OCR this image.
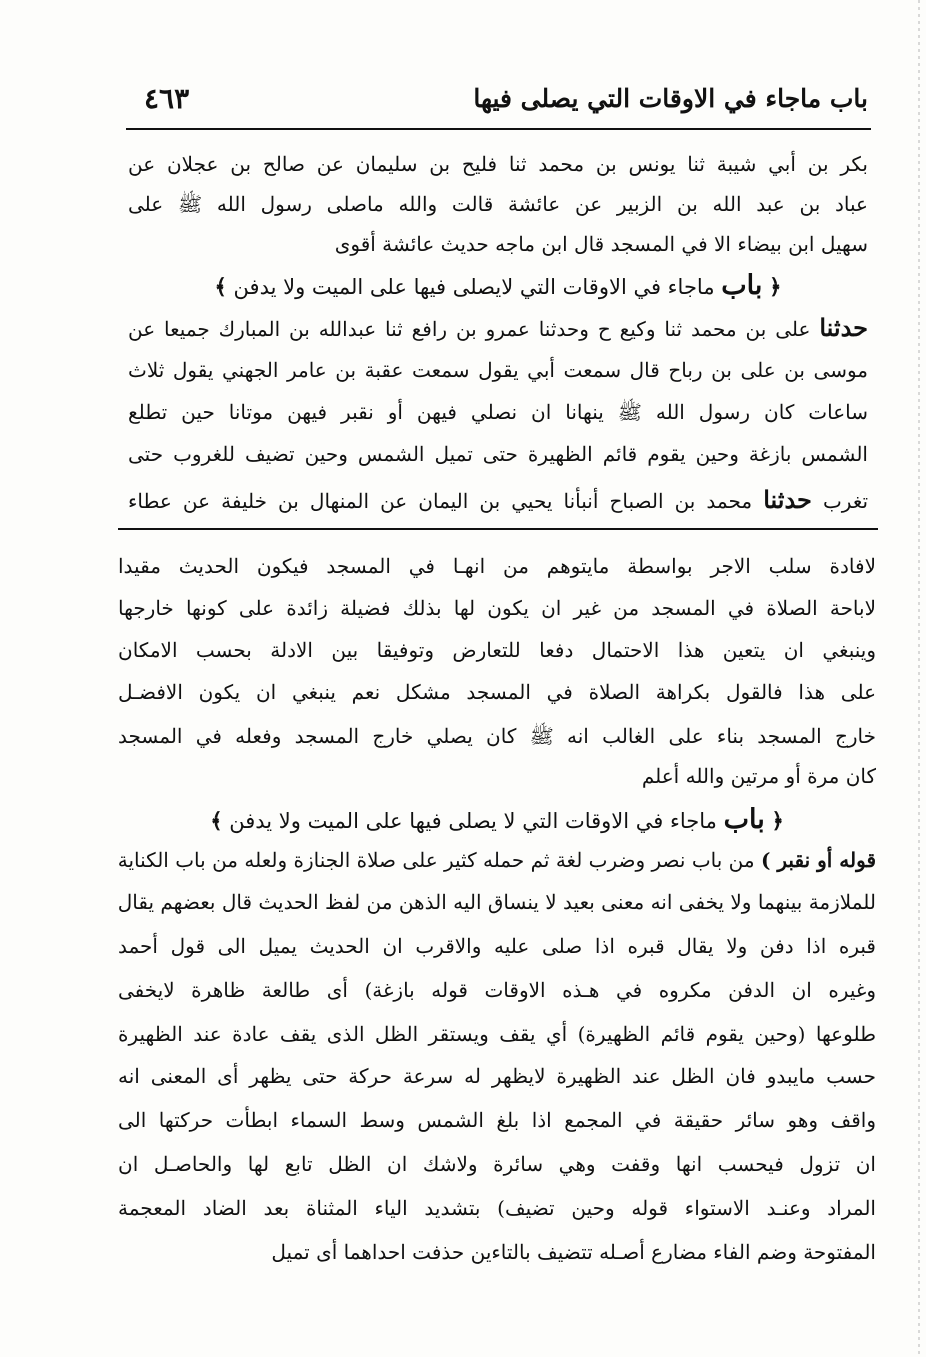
باب ماجاء في الاوقات التي يصلى فيها
٤٦٣
بكر بن أبي شيبة ثنا يونس بن محمد ثنا فليح بن سليمان عن صالح بن عجلان عن
عباد بن عبد الله بن الزبير عن عائشة قالت والله ماصلى رسول الله ﷺ على
سهيل ابن بيضاء الا في المسجد قال ابن ماجه حديث عائشة أقوى
﴿ باب ماجاء في الاوقات التي لايصلى فيها على الميت ولا يدفن ﴾
حدثنا على بن محمد ثنا وكيع ح وحدثنا عمرو بن رافع ثنا عبدالله بن المبارك جميعا عن
موسى بن على بن رباح قال سمعت أبي يقول سمعت عقبة بن عامر الجهني يقول ثلاث
ساعات كان رسول الله ﷺ ينهانا ان نصلي فيهن أو نقبر فيهن موتانا حين تطلع
الشمس بازغة وحين يقوم قائم الظهيرة حتى تميل الشمس وحين تضيف للغروب حتى
تغرب حدثنا محمد بن الصباح أنبأنا يحيي بن اليمان عن المنهال بن خليفة عن عطاء
لافادة سلب الاجر بواسطة مايتوهم من انهـا في المسجد فيكون الحديث مقيدا
لاباحة الصلاة في المسجد من غير ان يكون لها بذلك فضيلة زائدة على كونها خارجها
وينبغي ان يتعين هذا الاحتمال دفعا للتعارض وتوفيقا بين الادلة بحسب الامكان
على هذا فالقول بكراهة الصلاة في المسجد مشكل نعم ينبغي ان يكون الافضـل
خارج المسجد بناء على الغالب انه ﷺ كان يصلي خارج المسجد وفعله في المسجد
كان مرة أو مرتين والله أعلم
﴿ باب ماجاء في الاوقات التي لا يصلى فيها على الميت ولا يدفن ﴾
قوله أو نقبر ) من باب نصر وضرب لغة ثم حمله كثير على صلاة الجنازة ولعله من باب الكناية
للملازمة بينهما ولا يخفى انه معنى بعيد لا ينساق اليه الذهن من لفظ الحديث قال بعضهم يقال
قبره اذا دفن ولا يقال قبره اذا صلى عليه والاقرب ان الحديث يميل الى قول أحمد
وغيره ان الدفن مكروه في هـذه الاوقات قوله بازغة) أى طالعة ظاهرة لايخفى
طلوعها (وحين يقوم قائم الظهيرة) أي يقف ويستقر الظل الذى يقف عادة عند الظهيرة
حسب مايبدو فان الظل عند الظهيرة لايظهر له سرعة حركة حتى يظهر أى المعنى انه
واقف وهو سائر حقيقة في المجمع اذا بلغ الشمس وسط السماء ابطأت حركتها الى
ان تزول فيحسب انها وقفت وهي سائرة ولاشك ان الظل تابع لها والحاصـل ان
المراد وعنـد الاستواء قوله وحين تضيف) بتشديد الياء المثناة بعد الضاد المعجمة
المفتوحة وضم الفاء مضارع أصـله تتضيف بالتاءين حذفت احداهما أى تميل
